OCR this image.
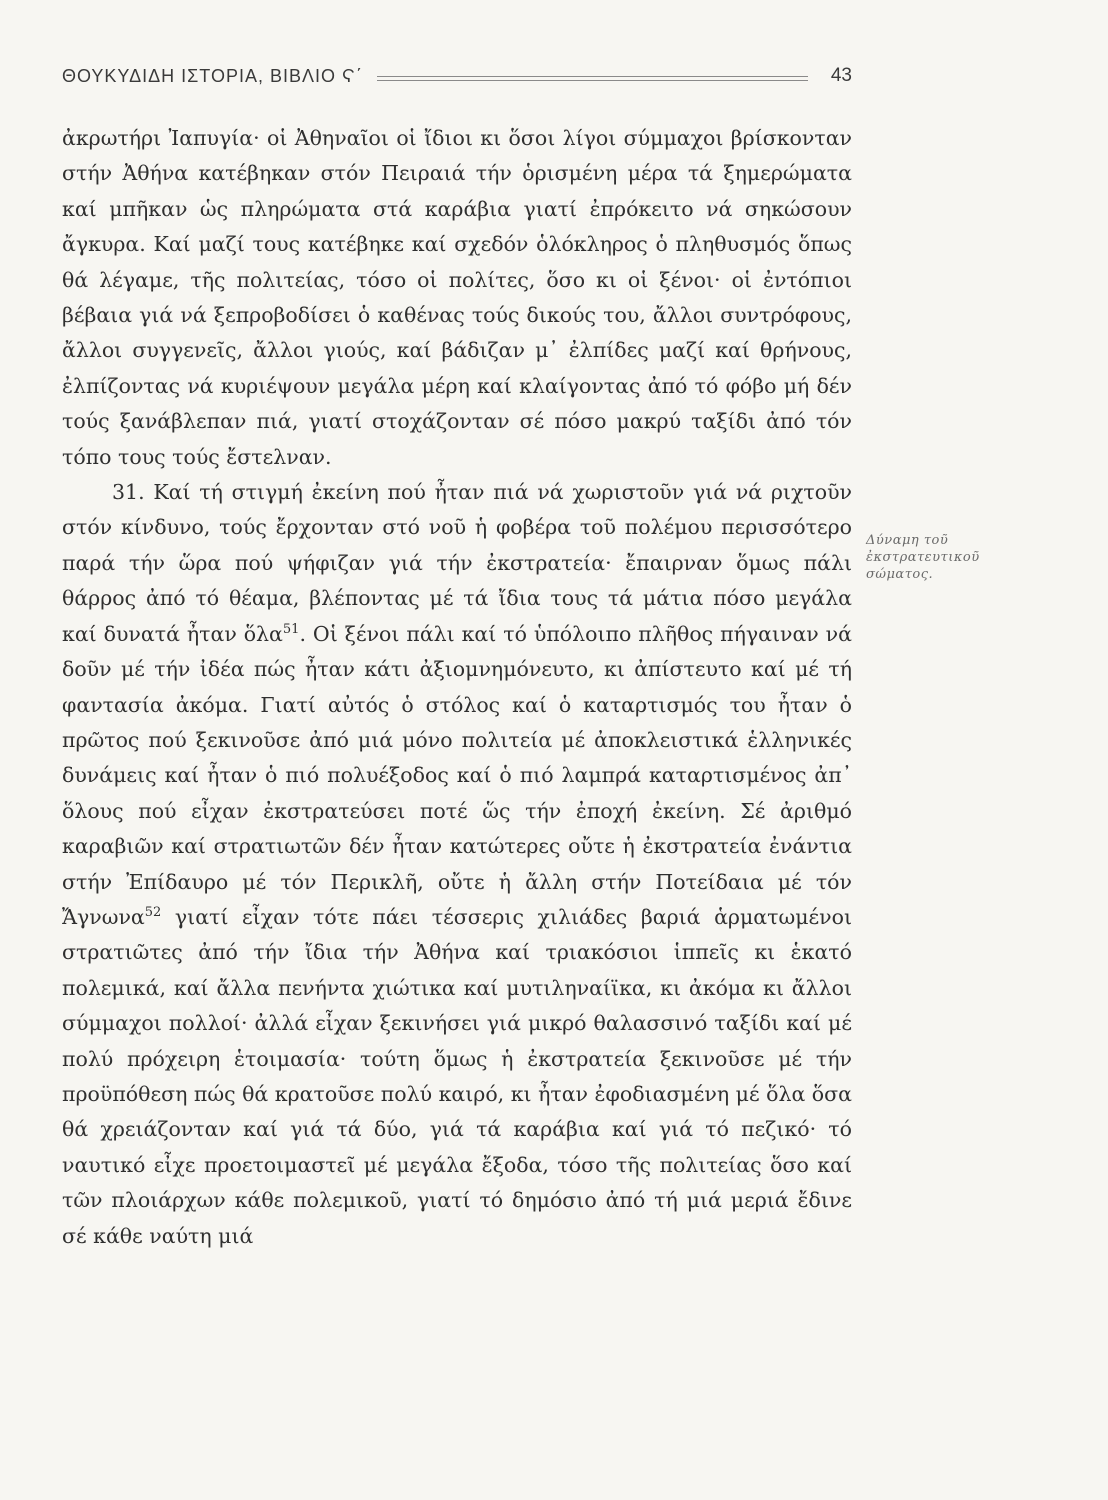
ΘΟΥΚΥΔΙΔΗ ΙΣΤΟΡΙΑ, ΒΙΒΛΙΟ Ϛ΄	43

ἀκρωτήρι Ἰαπυγία· οἱ Ἀθηναῖοι οἱ ἴδιοι κι ὅσοι λίγοι σύμμαχοι βρίσκονταν στήν Ἀθήνα κατέβηκαν στόν Πειραιά τήν ὁρισμένη μέρα τά ξημερώματα καί μπῆκαν ὡς πληρώματα στά καράβια γιατί ἐπρόκειτο νά σηκώσουν ἄγκυρα. Καί μαζί τους κατέβηκε καί σχεδόν ὁλόκληρος ὁ πληθυσμός ὅπως θά λέγαμε, τῆς πολιτείας, τόσο οἱ πολίτες, ὅσο κι οἱ ξένοι· οἱ ἐντόπιοι βέβαια γιά νά ξεπροβοδίσει ὁ καθένας τούς δικούς του, ἄλλοι συντρόφους, ἄλλοι συγγενεῖς, ἄλλοι γιούς, καί βάδιζαν μ᾽ ἐλπίδες μαζί καί θρήνους, ἐλπίζοντας νά κυριέψουν μεγάλα μέρη καί κλαίγοντας ἀπό τό φόβο μή δέν τούς ξανάβλεπαν πιά, γιατί στοχάζονταν σέ πόσο μακρύ ταξίδι ἀπό τόν τόπο τους τούς ἔστελναν.

31. Καί τή στιγμή ἐκείνη πού ἦταν πιά νά χωριστοῦν γιά νά ριχτοῦν στόν κίνδυνο, τούς ἔρχονταν στό νοῦ ἡ φοβέρα τοῦ πολέμου περισσότερο παρά τήν ὥρα πού ψήφιζαν γιά τήν ἐκστρατεία· ἔπαιρναν ὅμως πάλι θάρρος ἀπό τό θέαμα, βλέποντας μέ τά ἴδια τους τά μάτια πόσο μεγάλα καί δυνατά ἦταν ὅλα$^{51}$. Οἱ ξένοι πάλι καί τό ὑπόλοιπο πλῆθος πήγαιναν νά δοῦν μέ τήν ἰδέα πώς ἦταν κάτι ἀξιομνημόνευτο, κι ἀπίστευτο καί μέ τή φαντασία ἀκόμα. Γιατί αὐτός ὁ στόλος καί ὁ καταρτισμός του ἦταν ὁ πρῶτος πού ξεκινοῦσε ἀπό μιά μόνο πολιτεία μέ ἀποκλειστικά ἑλληνικές δυνάμεις καί ἦταν ὁ πιό πολυέξοδος καί ὁ πιό λαμπρά καταρτισμένος ἀπ᾽ ὅλους πού εἶχαν ἐκστρατεύσει ποτέ ὥς τήν ἐποχή ἐκείνη. Σέ ἀριθμό καραβιῶν καί στρατιωτῶν δέν ἦταν κατώτερες οὔτε ἡ ἐκστρατεία ἐνάντια στήν Ἐπίδαυρο μέ τόν Περικλῆ, οὔτε ἡ ἄλλη στήν Ποτείδαια μέ τόν Ἄγνωνα$^{52}$ γιατί εἶχαν τότε πάει τέσσερις χιλιάδες βαριά ἁρματωμένοι στρατιῶτες ἀπό τήν ἴδια τήν Ἀθήνα καί τριακόσιοι ἱππεῖς κι ἑκατό πολεμικά, καί ἄλλα πενήντα χιώτικα καί μυτιληναίϊκα, κι ἀκόμα κι ἄλλοι σύμμαχοι πολλοί· ἀλλά εἶχαν ξεκινήσει γιά μικρό θαλασσινό ταξίδι καί μέ πολύ πρόχειρη ἑτοιμασία· τούτη ὅμως ἡ ἐκστρατεία ξεκινοῦσε μέ τήν προϋπόθεση πώς θά κρατοῦσε πολύ καιρό, κι ἦταν ἐφοδιασμένη μέ ὅλα ὅσα θά χρειάζονταν καί γιά τά δύο, γιά τά καράβια καί γιά τό πεζικό· τό ναυτικό εἶχε προετοιμαστεῖ μέ μεγάλα ἔξοδα, τόσο τῆς πολιτείας ὅσο καί τῶν πλοιάρχων κάθε πολεμικοῦ, γιατί τό δημόσιο ἀπό τή μιά μεριά ἔδινε σέ κάθε ναύτη μιά

Δύναμη τοῦ ἐκστρατευτικοῦ σώματος.
